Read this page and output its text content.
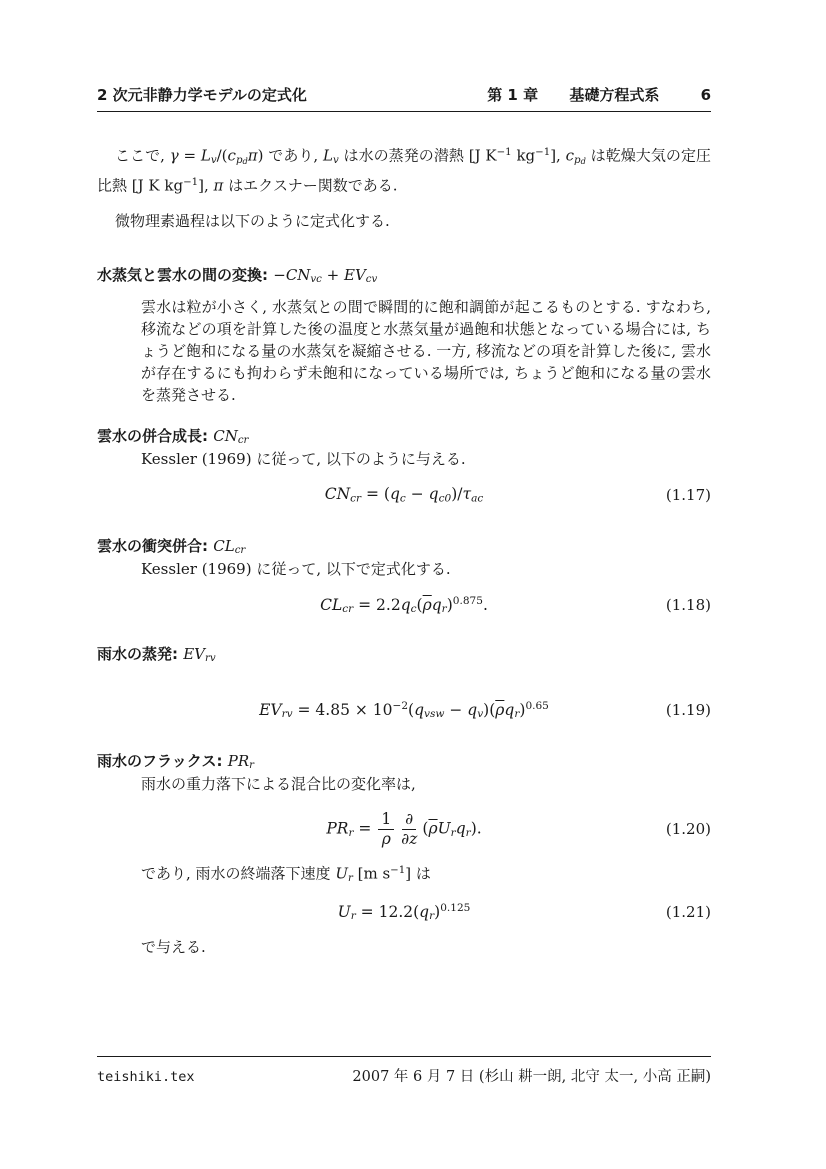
2 次元非静力学モデルの定式化	第 1 章 基礎方程式系	6

ここで, $\gamma = Lv/(cp_d\pi)$ であり, Lv は水の蒸発の潜熱 [J $K^{-1}$ $kg^{-1}$], $cp_d$ は乾燥大気の定圧比熱 [J K $kg^{-1}$], π はエクスナー関数である.

微物理素過程は以下のように定式化する.

水蒸気と雲水の間の変換: −CNvc + EVcv

雲水は粒が小さく, 水蒸気との間で瞬間的に飽和調節が起こるものとする. すなわち, 移流などの項を計算した後の温度と水蒸気量が過飽和状態となっている場合には, ちょうど飽和になる量の水蒸気を凝縮させる. 一方, 移流などの項を計算した後に, 雲水が存在するにも拘わらず未飽和になっている場所では, ちょうど飽和になる量の雲水を蒸発させる.

雲水の併合成長: CNcr

Kessler (1969) に従って, 以下のように与える.

CNcr = (qc − qc0)/τac	(1.17)

雲水の衝突併合: CLcr

Kessler (1969) に従って, 以下で定式化する.

CLcr = $2.2qc(\overline{\rho}qr)^{0.875}$.	(1.18)

雨水の蒸発: EVrv

EVrv = $4.85 \times 10^{-2}(qvsw - qv)(\overline{\rho}qr)^{0.65}$	(1.19)

雨水のフラックス: PRr

雨水の重力落下による混合比の変化率は,

PRr = $\frac{1}{\rho} \frac{\partial}{\partial z}$ $(\overline{\rho}Urqr)$.	(1.20)

であり, 雨水の終端落下速度 Ur [m $s^{-1}$] は

Ur = 12.2(qr)$^{0.125}$	(1.21)

で与える.

teishiki.tex	2007 年 6 月 7 日 (杉山 耕一朗, 北守 太一, 小高 正嗣)
